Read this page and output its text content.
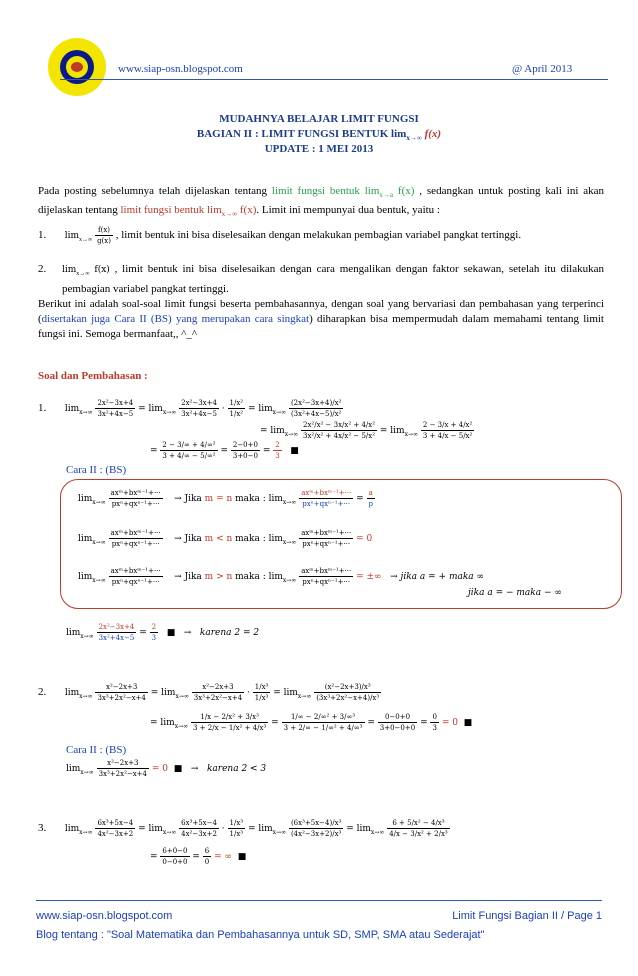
www.siap-osn.blogspot.com	@ April 2013
MUDAHNYA BELAJAR LIMIT FUNGSI
BAGIAN II : LIMIT FUNGSI BENTUK $\lim_{x\to\infty} f(x)$
UPDATE : 1 MEI 2013
Pada posting sebelumnya telah dijelaskan tentang limit fungsi bentuk $\lim_{x\to a} f(x)$ , sedangkan untuk posting kali ini akan dijelaskan tentang limit fungsi bentuk $\lim_{x\to\infty} f(x)$. Limit ini mempunyai dua bentuk, yaitu :
1. $\lim_{x\to\infty} \frac{f(x)}{g(x)}$ , limit bentuk ini bisa diselesaikan dengan melakukan pembagian variabel pangkat tertinggi.
2. $\lim_{x\to\infty} f(x)$ , limit bentuk ini bisa diselesaikan dengan cara mengalikan dengan faktor sekawan, setelah itu dilakukan pembagian variabel pangkat tertinggi.
Berikut ini adalah soal-soal limit fungsi beserta pembahasannya, dengan soal yang bervariasi dan pembahasan yang terperinci (disertakan juga Cara II (BS) yang merupakan cara singkat) diharapkan bisa mempermudah dalam memahami tentang limit fungsi ini. Semoga bermanfaat,, ^_^
Soal dan Pembahasan :
1. $\lim_{x\to\infty} \frac{\text{2x²−3x+4}}{\text{3x²+4x−5}} = \lim_{x\to\infty} \frac{\text{2x²−3x+4}}{\text{3x²+4x−5}} \cdot \frac{\text{1/x²}}{\text{1/x²}} = \lim_{x\to\infty} \frac{\text{(2x²−3x+4)/x²}}{\text{(3x²+4x−5)/x²}}$
= $\lim_{x\to\infty} \frac{\text{2x²/x² − 3x/x² + 4/x²}}{\text{3x²/x² + 4x/x² − 5/x²}} = \lim_{x\to\infty} \frac{\text{2 − 3/x + 4/x²}}{\text{3 + 4/x − 5/x²}}$
= $\frac{\text{2 − 3/∞ + 4/∞²}}{\text{3 + 4/∞ − 5/∞²}} = \frac{2-0+0}{3+0-0} = \frac{2}{3}$ ■
Cara II : (BS)
$\lim_{x\to\infty} \frac{\text{axᵐ+bxᵐ⁻¹+···}}{\text{pxⁿ+qxⁿ⁻¹+···}}$ → Jika m = n maka : $\lim_{x\to\infty} \frac{\text{axᵐ+bxᵐ⁻¹+···}}{\text{pxⁿ+qxⁿ⁻¹+···}} = \frac{a}{p}$
$\lim_{x\to\infty} \frac{\text{axᵐ+bxᵐ⁻¹+···}}{\text{pxⁿ+qxⁿ⁻¹+···}}$ → Jika m < n maka : $\lim_{x\to\infty} \frac{\text{axᵐ+bxᵐ⁻¹+···}}{\text{pxⁿ+qxⁿ⁻¹+···}} = 0$
$\lim_{x\to\infty} \frac{\text{axᵐ+bxᵐ⁻¹+···}}{\text{pxⁿ+qxⁿ⁻¹+···}}$ → Jika m > n maka : $\lim_{x\to\infty} \frac{\text{axᵐ+bxᵐ⁻¹+···}}{\text{pxⁿ+qxⁿ⁻¹+···}}$ = ±∞ → jika a = + maka ∞
jika a = − maka − ∞
$\lim_{x\to\infty} \frac{\text{2x²−3x+4}}{\text{3x²+4x−5}} = \frac{2}{3}$ ■   →   karena 2 = 2
2. $\lim_{x\to\infty} \frac{\text{x²−2x+3}}{\text{3x³+2x²−x+4}} = \lim_{x\to\infty} \frac{\text{x²−2x+3}}{\text{3x³+2x²−x+4}} \cdot \frac{\text{1/x³}}{\text{1/x³}} = \lim_{x\to\infty} \frac{\text{(x²−2x+3)/x³}}{\text{(3x³+2x²−x+4)/x³}}$
= $\lim_{x\to\infty} \frac{\text{1/x − 2/x² + 3/x³}}{\text{3 + 2/x − 1/x² + 4/x³}} = \frac{\text{1/∞ − 2/∞² + 3/∞³}}{\text{3 + 2/∞ − 1/∞² + 4/∞³}} = \frac{0-0+0}{3+0-0+0} = \frac{0}{3} = 0$  ■
Cara II : (BS)
$\lim_{x\to\infty} \frac{\text{x²−2x+3}}{\text{3x³+2x²−x+4}} = 0$  ■   →   karena 2 < 3
3. $\lim_{x\to\infty} \frac{\text{6x³+5x−4}}{\text{4x²−3x+2}} = \lim_{x\to\infty} \frac{\text{6x³+5x−4}}{\text{4x²−3x+2}} \cdot \frac{\text{1/x³}}{\text{1/x³}} = \lim_{x\to\infty} \frac{\text{(6x³+5x−4)/x³}}{\text{(4x²−3x+2)/x³}} = \lim_{x\to\infty} \frac{\text{6 + 5/x² − 4/x³}}{\text{4/x − 3/x² + 2/x³}}$
= $\frac{6+0-0}{0-0+0} = \frac{6}{0}$ = ∞  ■
www.siap-osn.blogspot.com	Limit Fungsi Bagian II / Page 1
Blog tentang : "Soal Matematika dan Pembahasannya untuk SD, SMP, SMA atau Sederajat"
